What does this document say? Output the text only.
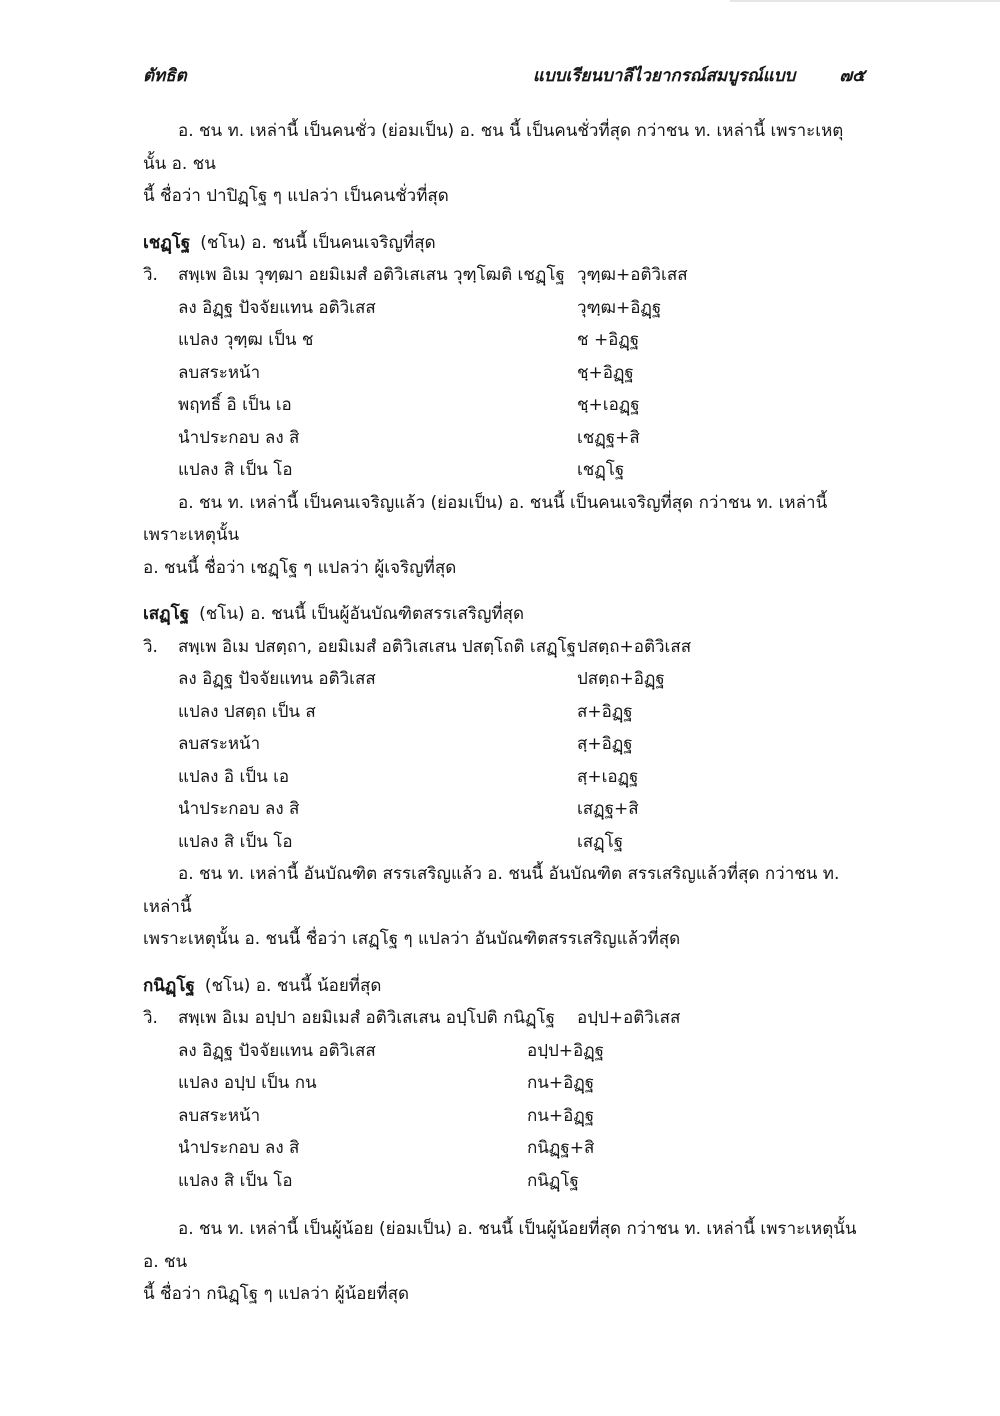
ตัทธิต	แบบเรียนบาลีไวยากรณ์สมบูรณ์แบบ	๗๕

อ. ชน ท. เหล่านี้ เป็นคนชั่ว (ย่อมเป็น) อ. ชน นี้ เป็นคนชั่วที่สุด กว่าชน ท. เหล่านี้ เพราะเหตุนั้น อ. ชน
นี้ ชื่อว่า ปาปิฏฺโฐ ๆ แปลว่า เป็นคนชั่วที่สุด

เชฏฺโฐ (ชโน) อ. ชนนี้ เป็นคนเจริญที่สุด
วิ.	สพฺเพ อิเม วุฑฺฒา อยมิเมสํ อติวิเสเสน วุฑฺโฒติ เชฏฺโฐ วุฑฺฒ+อติวิเสส
ลง อิฏฺฐ ปัจจัยแทน อติวิเสส	วุฑฺฒ+อิฏฺฐ
แปลง วุฑฺฒ เป็น ช	ช +อิฏฺฐ
ลบสระหน้า	ชฺ+อิฏฺฐ
พฤทธิ์ อิ เป็น เอ	ชฺ+เอฏฺฐ
นำประกอบ ลง สิ	เชฏฺฐ+สิ
แปลง สิ เป็น โอ	เชฏฺโฐ

อ. ชน ท. เหล่านี้ เป็นคนเจริญแล้ว (ย่อมเป็น) อ. ชนนี้ เป็นคนเจริญที่สุด กว่าชน ท. เหล่านี้ เพราะเหตุนั้น
อ. ชนนี้ ชื่อว่า เชฏฺโฐ ๆ แปลว่า ผู้เจริญที่สุด

เสฏฺโฐ (ชโน) อ. ชนนี้ เป็นผู้อันบัณฑิตสรรเสริญที่สุด
วิ.	สพฺเพ อิเม ปสตฺถา, อยมิเมสํ อติวิเสเสน ปสตฺโถติ เสฏฺโฐ ปสตฺถ+อติวิเสส
ลง อิฏฺฐ ปัจจัยแทน อติวิเสส	ปสตฺถ+อิฏฺฐ
แปลง ปสตฺถ เป็น ส	ส+อิฏฺฐ
ลบสระหน้า	สฺ+อิฏฺฐ
แปลง อิ เป็น เอ	สฺ+เอฏฺฐ
นำประกอบ ลง สิ	เสฏฺฐ+สิ
แปลง สิ เป็น โอ	เสฏฺโฐ

อ. ชน ท. เหล่านี้ อันบัณฑิต สรรเสริญแล้ว อ. ชนนี้ อันบัณฑิต สรรเสริญแล้วที่สุด กว่าชน ท. เหล่านี้
เพราะเหตุนั้น อ. ชนนี้ ชื่อว่า เสฏฺโฐ ๆ แปลว่า อันบัณฑิตสรรเสริญแล้วที่สุด

กนิฏฺโฐ (ชโน) อ. ชนนี้ น้อยที่สุด
วิ.	สพฺเพ อิเม อปฺปา อยมิเมสํ อติวิเสเสน อปฺโปติ กนิฏฺโฐ	อปฺป+อติวิเสส
ลง อิฏฺฐ ปัจจัยแทน อติวิเสส	อปฺป+อิฏฺฐ
แปลง อปฺป เป็น กน	กน+อิฏฺฐ
ลบสระหน้า	กน+อิฏฺฐ
นำประกอบ ลง สิ	กนิฏฺฐ+สิ
แปลง สิ เป็น โอ	กนิฏฺโฐ

อ. ชน ท. เหล่านี้ เป็นผู้น้อย (ย่อมเป็น) อ. ชนนี้ เป็นผู้น้อยที่สุด กว่าชน ท. เหล่านี้ เพราะเหตุนั้น อ. ชน
นี้ ชื่อว่า กนิฏฺโฐ ๆ แปลว่า ผู้น้อยที่สุด
